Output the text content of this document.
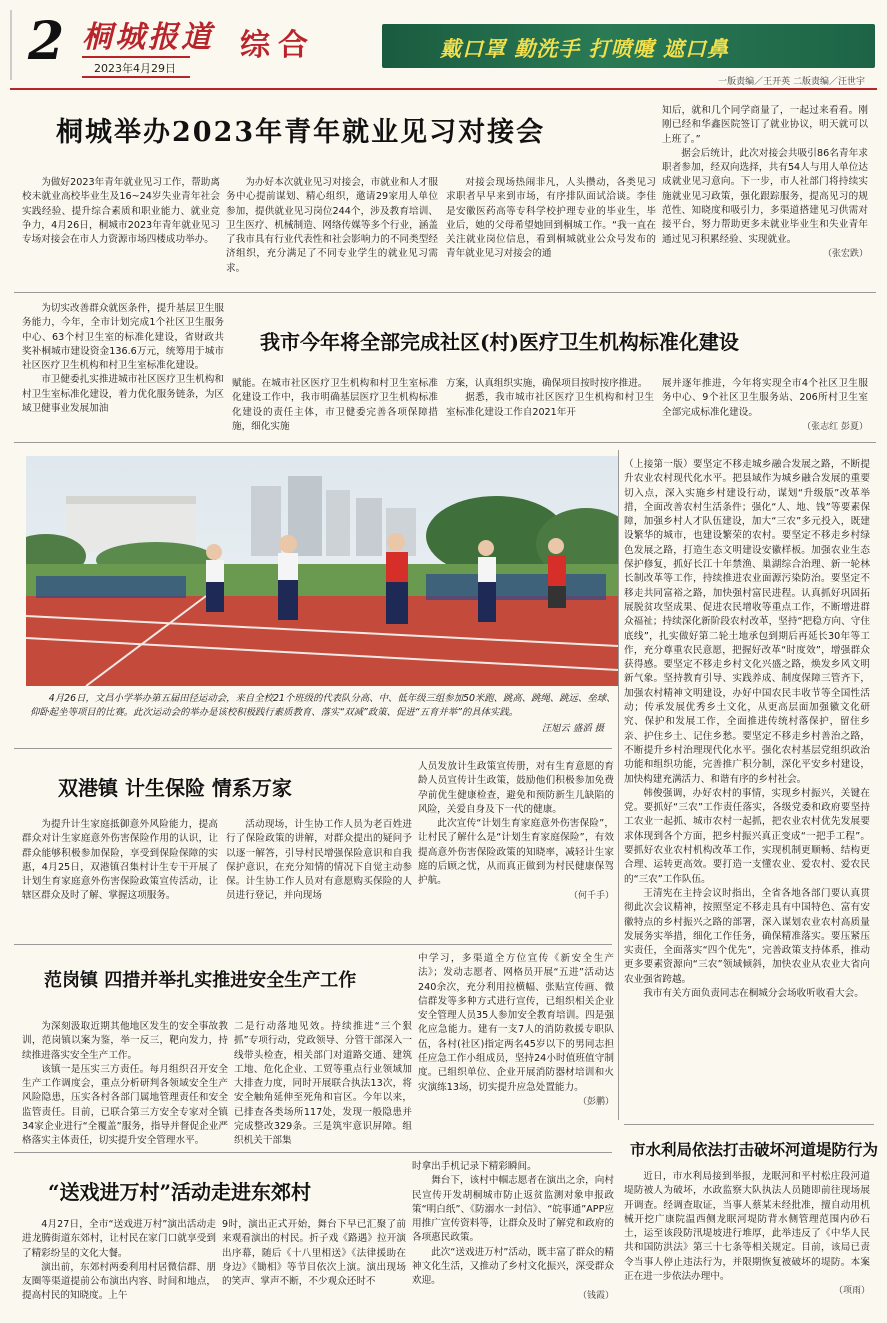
2 桐城报道
2023年4月29日
综合	戴口罩 勤洗手 打喷嚏 遮口鼻
一版责编／王开英 二版责编／汪世宇
桐城举办2023年青年就业见习对接会

为做好2023年青年就业见习工作，帮助离校未就业高校毕业生及16~24岁失业青年社会实践经验、提升综合素质和职业能力、就业竞争力，4月26日，桐城市2023年青年就业见习专场对接会在市人力资源市场四楼成功举办。

为办好本次就业见习对接会，市就业和人才服务中心提前谋划、精心组织，邀请29家用人单位参加，提供就业见习岗位244个，涉及教育培训、卫生医疗、机械制造、网络传媒等多个行业，涵盖了我市具有行业代表性和社会影响力的不同类型经济组织，充分满足了不同专业学生的就业见习需求。

对接会现场热闹非凡，人头攒动，各类见习求职者早早来到市场，有序排队面试洽谈。李佳是安徽医药高等专科学校护理专业的毕业生，毕业后，她的父母希望她回到桐城工作。“我一直在关注就业岗位信息，看到桐城就业公众号发布的青年就业见习对接会的通

知后，就和几个同学商量了，一起过来看看。刚刚已经和华鑫医院签订了就业协议，明天就可以上班了。”

据会后统计，此次对接会共吸引86名青年求职者参加，经双向选择，共有54人与用人单位达成就业见习意向。下一步，市人社部门将持续实施就业见习政策，强化跟踪服务，提高见习的规范性、知晓度和吸引力，多渠道搭建见习供需对接平台，努力帮助更多未就业毕业生和失业青年通过见习积累经验、实现就业。

（张宏跌）

为切实改善群众就医条件，提升基层卫生服务能力，今年，全市计划完成1个社区卫生服务中心、63个村卫生室的标准化建设，省财政共奖补桐城市建设资金136.6万元，统筹用于城市社区医疗卫生机构和村卫生室标准化建设。

市卫健委扎实推进城市社区医疗卫生机构和村卫生室标准化建设，着力优化服务链条，为区域卫健事业发展加油

我市今年将全部完成社区(村)医疗卫生机构标准化建设

赋能。在城市社区医疗卫生机构和村卫生室标准化建设工作中，我市明确基层医疗卫生机构标准化建设的责任主体，市卫健委完善各项保障措施，细化实施

方案，认真组织实施，确保项目按时按序推进。

据悉，我市城市社区医疗卫生机构和村卫生室标准化建设工作自2021年开

展并逐年推进，今年将实现全市4个社区卫生服务中心、9个社区卫生服务站、206所村卫生室全部完成标准化建设。

（张志红 彭夏）

4月26日，文昌小学举办第五届田径运动会，来自全校21个班级的代表队分高、中、低年级三组参加50米跑、跳高、跳绳、跳远、垒球、仰卧起坐等项目的比赛。此次运动会的举办是该校积极践行素质教育、落实“双减”政策、促进“五育并举”的具体实践。

汪旭云 盛滔 摄

（上接第一版）要坚定不移走城乡融合发展之路，不断提升农业农村现代化水平。把县域作为城乡融合发展的重要切入点，深入实施乡村建设行动，谋划“升级版”改革举措，全面改善农村生活条件；强化“人、地、钱”等要素保障，加强乡村人才队伍建设，加大“三农”多元投入，既建设繁华的城市，也建设繁荣的农村。要坚定不移走乡村绿色发展之路，打造生态文明建设安徽样板。加强农业生态保护修复，抓好长江十年禁渔、巢湖综合治理、新一轮林长制改革等工作，持续推进农业面源污染防治。要坚定不移走共同富裕之路，加快强村富民进程。认真抓好巩固拓展脱贫攻坚成果、促进农民增收等重点工作，不断增进群众福祉；持续深化新阶段农村改革，坚持“把稳方向、守住底线”，扎实做好第二轮土地承包到期后再延长30年等工作，充分尊重农民意愿，把握好改革“时度效”，增强群众获得感。要坚定不移走乡村文化兴盛之路，焕发乡风文明新气象。坚持教育引导、实践养成、制度保障三管齐下，加强农村精神文明建设，办好中国农民丰收节等全国性活动；传承发展优秀乡土文化，从更高层面加强徽文化研究、保护和发展工作，全面推进传统村落保护，留住乡亲、护住乡土、记住乡愁。要坚定不移走乡村善治之路，不断提升乡村治理现代化水平。强化农村基层党组织政治功能和组织功能，完善推广积分制，深化平安乡村建设，加快构建充满活力、和谐有序的乡村社会。

韩俊强调，办好农村的事情，实现乡村振兴，关键在党。要抓好“三农”工作责任落实，各级党委和政府要坚持工农业一起抓、城市农村一起抓，把农业农村优先发展要求体现到各个方面，把乡村振兴真正变成“一把手工程”。要抓好农业农村机构改革工作，实现机制更顺畅、结构更合理、运转更高效。要打造一支懂农业、爱农村、爱农民的“三农”工作队伍。

王清宪在主持会议时指出，全省各地各部门要认真贯彻此次会议精神，按照坚定不移走具有中国特色、富有安徽特点的乡村振兴之路的部署，深入谋划农业农村高质量发展务实举措，细化工作任务，确保精准落实。要压紧压实责任，全面落实“四个优先”，完善政策支持体系，推动更多要素资源向“三农”领域倾斜，加快农业从农业大省向农业强省跨越。

我市有关方面负责同志在桐城分会场收听收看大会。

双港镇 计生保险 情系万家

为提升计生家庭抵御意外风险能力，提高群众对计生家庭意外伤害保险作用的认识，让群众能够积极参加保险，享受到保险保障的实惠，4月25日，双港镇召集村计生专干开展了计划生育家庭意外伤害保险政策宣传活动，让辖区群众及时了解、掌握这项服务。

活动现场，计生协工作人员为老百姓进行了保险政策的讲解，对群众提出的疑问予以逐一解答，引导村民增强保险意识和自我保护意识，在充分知情的情况下自觉主动参保。计生协工作人员对有意愿购买保险的人员进行登记，并向现场

人员发放计生政策宣传册，对有生育意愿的育龄人员宣传计生政策，鼓励他们积极参加免费孕前优生健康检查，避免和预防新生儿缺陷的风险，关爱自身及下一代的健康。

此次宣传“计划生育家庭意外伤害保险”，让村民了解什么是“计划生育家庭保险”，有效提高意外伤害保险政策的知晓率，减轻计生家庭的后顾之忧，从而真正做到为村民健康保驾护航。

（何千手）
范岗镇 四措并举扎实推进安全生产工作

为深刻汲取近期其他地区发生的安全事故教训，范岗镇以案为鉴，举一反三，靶向发力，持续推进落实安全生产工作。

该镇一是压实三方责任。每月组织召开安全生产工作调度会，重点分析研判各领域安全生产风险隐患，压实各村各部门属地管理责任和安全监管责任。目前，已联合第三方安全专家对全镇34家企业进行“全覆盖”服务，指导并督促企业严格落实主体责任，切实提升安全管理水平。

二是行动落地见效。持续推进“三个狠抓”专项行动，党政领导、分管干部深入一线带头检查，相关部门对道路交通、建筑工地、危化企业、工贸等重点行业领域加大排查力度，同时开展联合执法13次，将安全触角延伸至死角和盲区。今年以来，已排查各类场所117处，发现一般隐患并完成整改329条。三是筑牢意识屏障。组织机关干部集

中学习，多渠道全方位宣传《新安全生产法》；发动志愿者、网格员开展“五进”活动达240余次，充分利用拉横幅、张贴宣传画、微信群发等多种方式进行宣传，已组织相关企业安全管理人员35人参加安全教育培训。四是强化应急能力。建有一支7人的消防救援专职队伍，各村(社区)指定两名45岁以下的男同志担任应急工作小组成员，坚持24小时值班值守制度。已组织单位、企业开展消防器材培训和火灾演练13场，切实提升应急处置能力。

（彭鹏）
“送戏进万村”活动走进东郊村

4月27日，全市“送戏进万村”演出活动走进龙腾街道东郊村，让村民在家门口就享受到了精彩纷呈的文化大餐。

演出前，东郊村两委利用村居微信群、朋友圈等渠道提前公布演出内容、时间和地点，提高村民的知晓度。上午

9时，演出正式开始，舞台下早已汇聚了前来观看演出的村民。折子戏《路遇》拉开演出序幕，随后《十八里相送》《法律援助在身边》《锄相》等节目依次上演。演出现场的笑声、掌声不断，不少观众还时不

时拿出手机记录下精彩瞬间。

舞台下，该村中帼志愿者在演出之余，向村民宣传开发胡桐城市防止返贫监测对象申报政策“明白纸”、《防溺水一封信》、“皖事通”APP应用推广宣传资料等，让群众及时了解党和政府的各项惠民政策。

此次“送戏进万村”活动，既丰富了群众的精神文化生活，又推动了乡村文化振兴，深受群众欢迎。

（钱霞）
市水利局依法打击破坏河道堤防行为

近日，市水利局接到举报，龙眠河和平村松庄段河道堤防被人为破坏，水政监察大队执法人员随即前往现场展开调查。经调查取证，当事人蔡某未经批准，擅自动用机械开挖广康院温西侧龙眠河堤防背水侧管理范围内砂石土，运至该段防汛堤坡进行堆厚，此举违反了《中华人民共和国防洪法》第三十七条等相关规定。目前，该局已责令当事人停止违法行为，并限期恢复被破坏的堤防。本案正在进一步依法办理中。

（项雨）
